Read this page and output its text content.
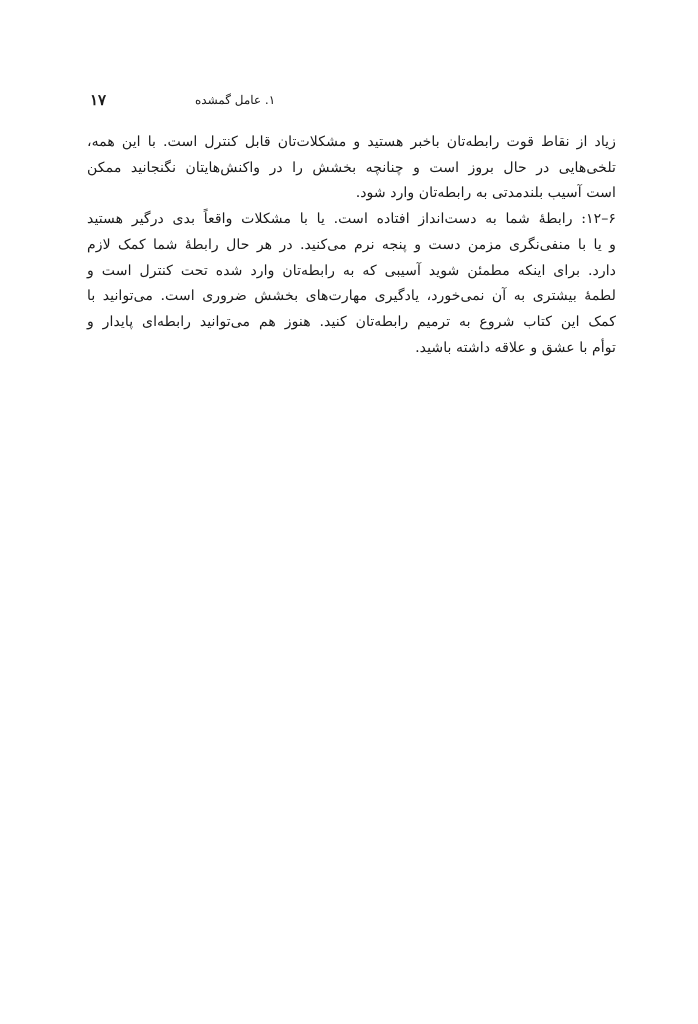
۱۷	۱. عامل گمشده
زیاد از نقاط قوت رابطه‌تان باخبر هستید و مشکلات‌تان قابل کنترل است. با این همه،
تلخی‌هایی در حال بروز است و چنانچه بخشش را در واکنش‌هایتان نگنجانید ممکن
است آسیب بلندمدتی به رابطه‌تان وارد شود.
۶–۱۲: رابطهٔ شما به دست‌انداز افتاده است. یا با مشکلات واقعاً بدی درگیر هستید
و یا با منفی‌نگری مزمن دست و پنجه نرم می‌کنید. در هر حال رابطهٔ شما کمک لازم
دارد. برای اینکه مطمئن شوید آسیبی که به رابطه‌تان وارد شده تحت کنترل است و
لطمهٔ بیشتری به آن نمی‌خورد، یادگیری مهارت‌های بخشش ضروری است. می‌توانید با
کمک این کتاب شروع به ترمیم رابطه‌تان کنید. هنوز هم می‌توانید رابطه‌ای پایدار و
توأم با عشق و علاقه داشته باشید.
